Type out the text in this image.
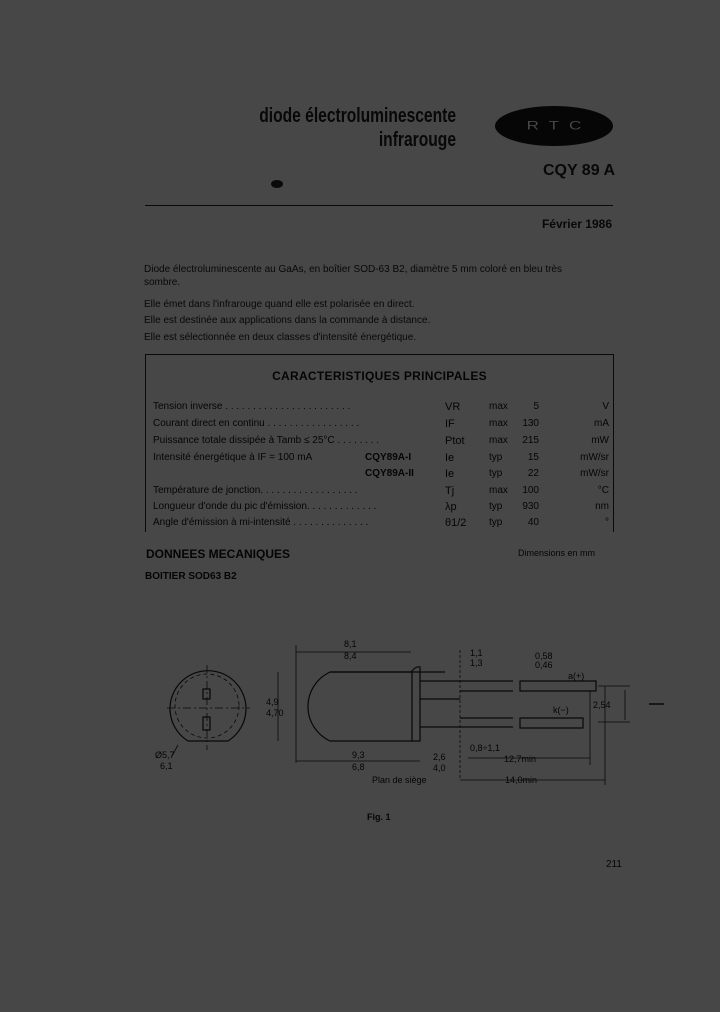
diode électroluminescente
infrarouge
RTC
CQY 89 A
Février 1986

Diode électroluminescente au GaAs, en boîtier SOD-63 B2, diamètre 5 mm coloré en bleu très

sombre.

Elle émet dans l'infrarouge quand elle est polarisée en direct.

Elle est destinée aux applications dans la commande à distance.

Elle est sélectionnée en deux classes d'intensité énergétique.

CARACTERISTIQUES PRINCIPALES
Tension inverse . . . . . . . . . . . . . . . . . . . . . . .	VR	max	5	V
Courant direct en continu . . . . . . . . . . . . . . . . .	IF	max 130	mA
Puissance totale dissipée à Tamb ≤ 25°C . . . . . . . .	Ptot max 215	mW
Intensité énergétique à IF = 100 mA	CQY89A-I	Ie	typ	15	mW/sr
CQY89A-II	Ie	typ	22	mW/sr
Température de jonction. . . . . . . . . . . . . . . . . .	Tj	max 100	°C
Longueur d'onde du pic d'émission. . . . . . . . . . . . .	λp	typ 930	nm
Angle d'émission à mi-intensité . . . . . . . . . . . . . .	θ1/2 typ	40	°
DONNEES MECANIQUES	Dimensions en mm
BOITIER SOD63 B2
Ø5,7
6,1
8,1
8,4
4,9
4,70
9,3
6,8
2,6
4,0
1,1
1,3
0,58
0,46
a(+)
k(−)	2,54
0,8÷1,1
12,7min
14,0min
Plan de siège
Fig. 1
211
